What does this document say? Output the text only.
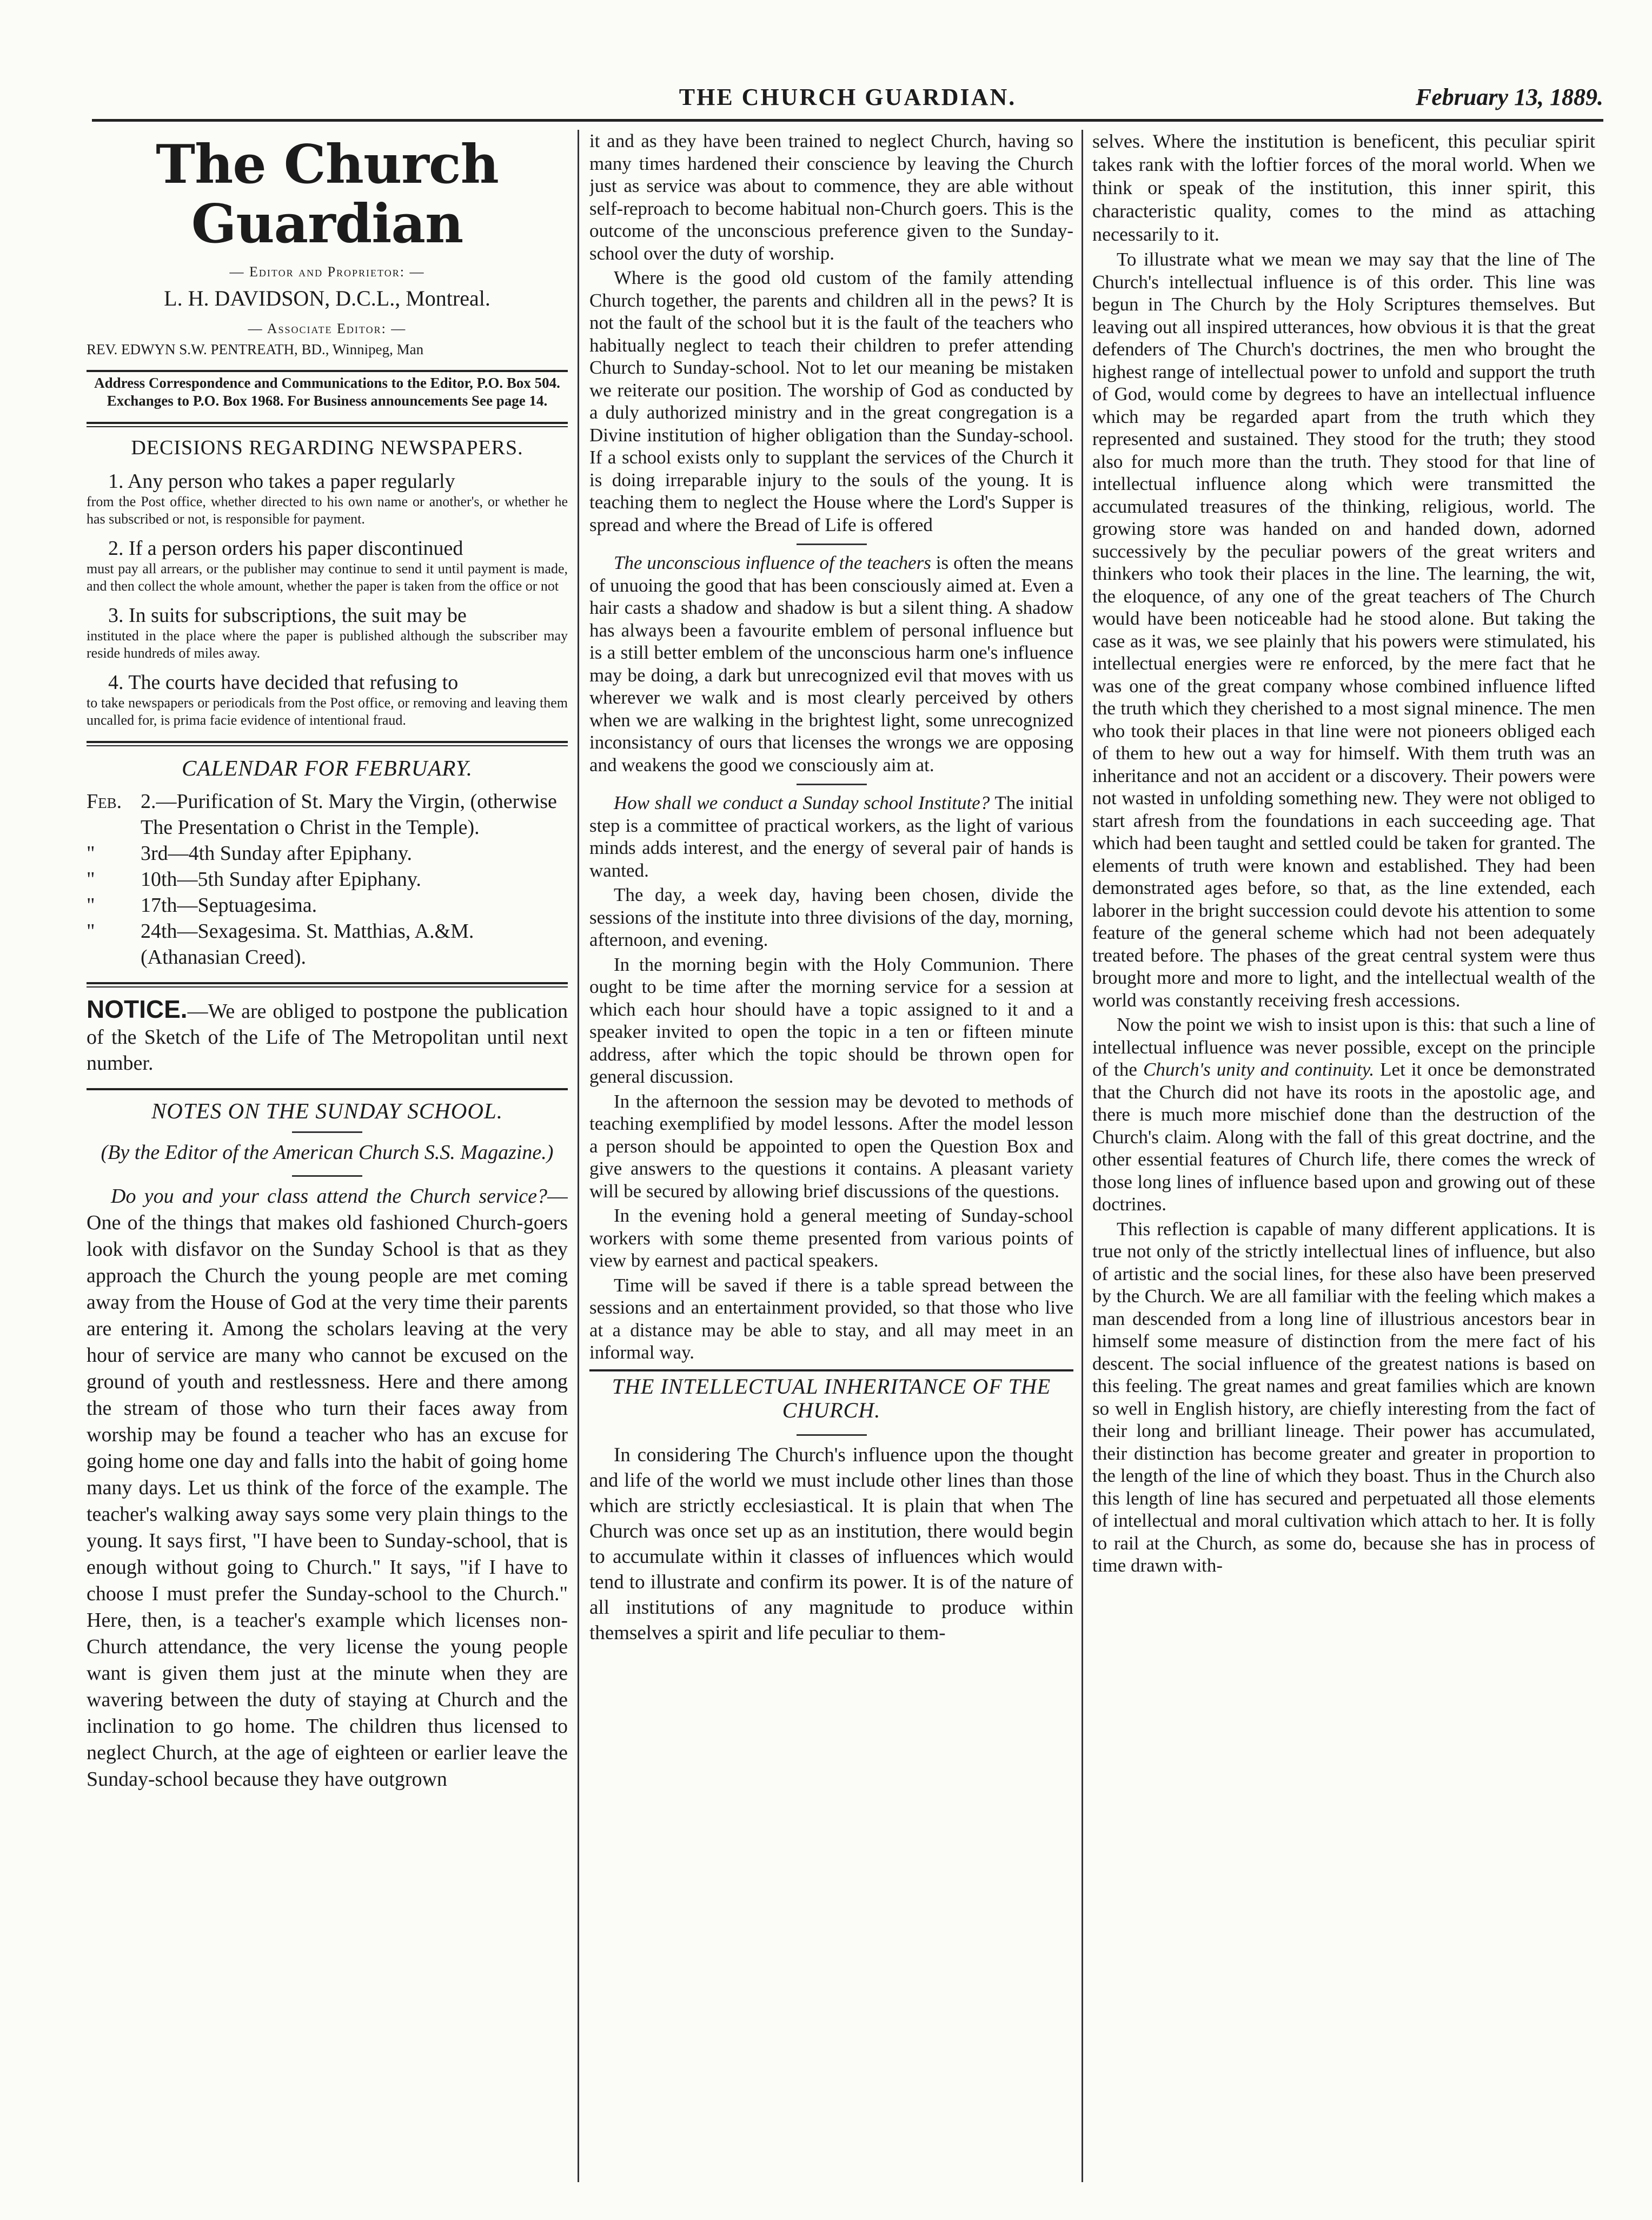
THE CHURCH GUARDIAN.	February 13, 1889.
The Church Guardian
— Editor and Proprietor: —
L. H. DAVIDSON, D.C.L., Montreal.
— Associate Editor: —
REV. EDWYN S.W. PENTREATH, BD., Winnipeg, Man
Address Correspondence and Communications to the Editor, P.O. Box 504. Exchanges to P.O. Box 1968. For Business announcements See page 14.
DECISIONS REGARDING NEWSPAPERS.
1. Any person who takes a paper regularly
from the Post office, whether directed to his own name or another's, or whether he has subscribed or not, is responsible for payment.
2. If a person orders his paper discontinued
must pay all arrears, or the publisher may continue to send it until payment is made, and then collect the whole amount, whether the paper is taken from the office or not
3. In suits for subscriptions, the suit may be
instituted in the place where the paper is published although the subscriber may reside hundreds of miles away.
4. The courts have decided that refusing to
to take newspapers or periodicals from the Post office, or removing and leaving them uncalled for, is prima facie evidence of intentional fraud.
CALENDAR FOR FEBRUARY.
Feb. 2.—Purification of St. Mary the Virgin, (otherwise The Presentation o Christ in the Temple).
"	3rd—4th Sunday after Epiphany.
"	10th—5th Sunday after Epiphany.
"	17th—Septuagesima.
"	24th—Sexagesima. St. Matthias, A.&M. (Athanasian Creed).
NOTICE.—We are obliged to postpone the publication of the Sketch of the Life of The Metropolitan until next number.
NOTES ON THE SUNDAY SCHOOL.
(By the Editor of the American Church S.S. Magazine.)

Do you and your class attend the Church service?—One of the things that makes old fashioned Church-goers look with disfavor on the Sunday School is that as they approach the Church the young people are met coming away from the House of God at the very time their parents are entering it. Among the scholars leaving at the very hour of service are many who cannot be excused on the ground of youth and restlessness. Here and there among the stream of those who turn their faces away from worship may be found a teacher who has an excuse for going home one day and falls into the habit of going home many days. Let us think of the force of the example. The teacher's walking away says some very plain things to the young. It says first, "I have been to Sunday-school, that is enough without going to Church." It says, "if I have to choose I must prefer the Sunday-school to the Church." Here, then, is a teacher's example which licenses non-Church attendance, the very license the young people want is given them just at the minute when they are wavering between the duty of staying at Church and the inclination to go home. The children thus licensed to neglect Church, at the age of eighteen or earlier leave the Sunday-school because they have outgrown

it and as they have been trained to neglect Church, having so many times hardened their conscience by leaving the Church just as service was about to commence, they are able without self-reproach to become habitual non-Church goers. This is the outcome of the unconscious preference given to the Sunday-school over the duty of worship.

Where is the good old custom of the family attending Church together, the parents and children all in the pews? It is not the fault of the school but it is the fault of the teachers who habitually neglect to teach their children to prefer attending Church to Sunday-school. Not to let our meaning be mistaken we reiterate our position. The worship of God as conducted by a duly authorized ministry and in the great congregation is a Divine institution of higher obligation than the Sunday-school. If a school exists only to supplant the services of the Church it is doing irreparable injury to the souls of the young. It is teaching them to neglect the House where the Lord's Supper is spread and where the Bread of Life is offered

The unconscious influence of the teachers is often the means of unuoing the good that has been consciously aimed at. Even a hair casts a shadow and shadow is but a silent thing. A shadow has always been a favourite emblem of personal influence but is a still better emblem of the unconscious harm one's influence may be doing, a dark but unrecognized evil that moves with us wherever we walk and is most clearly perceived by others when we are walking in the brightest light, some unrecognized inconsistancy of ours that licenses the wrongs we are opposing and weakens the good we consciously aim at.

How shall we conduct a Sunday school Institute? The initial step is a committee of practical workers, as the light of various minds adds interest, and the energy of several pair of hands is wanted.

The day, a week day, having been chosen, divide the sessions of the institute into three divisions of the day, morning, afternoon, and evening.

In the morning begin with the Holy Communion. There ought to be time after the morning service for a session at which each hour should have a topic assigned to it and a speaker invited to open the topic in a ten or fifteen minute address, after which the topic should be thrown open for general discussion.

In the afternoon the session may be devoted to methods of teaching exemplified by model lessons. After the model lesson a person should be appointed to open the Question Box and give answers to the questions it contains. A pleasant variety will be secured by allowing brief discussions of the questions.

In the evening hold a general meeting of Sunday-school workers with some theme presented from various points of view by earnest and pactical speakers.

Time will be saved if there is a table spread between the sessions and an entertainment provided, so that those who live at a distance may be able to stay, and all may meet in an informal way.

THE INTELLECTUAL INHERITANCE OF THE CHURCH.

In considering The Church's influence upon the thought and life of the world we must include other lines than those which are strictly ecclesiastical. It is plain that when The Church was once set up as an institution, there would begin to accumulate within it classes of influences which would tend to illustrate and confirm its power. It is of the nature of all institutions of any magnitude to produce within themselves a spirit and life peculiar to them-

selves. Where the institution is beneficent, this peculiar spirit takes rank with the loftier forces of the moral world. When we think or speak of the institution, this inner spirit, this characteristic quality, comes to the mind as attaching necessarily to it.

To illustrate what we mean we may say that the line of The Church's intellectual influence is of this order. This line was begun in The Church by the Holy Scriptures themselves. But leaving out all inspired utterances, how obvious it is that the great defenders of The Church's doctrines, the men who brought the highest range of intellectual power to unfold and support the truth of God, would come by degrees to have an intellectual influence which may be regarded apart from the truth which they represented and sustained. They stood for the truth; they stood also for much more than the truth. They stood for that line of intellectual influence along which were transmitted the accumulated treasures of the thinking, religious, world. The growing store was handed on and handed down, adorned successively by the peculiar powers of the great writers and thinkers who took their places in the line. The learning, the wit, the eloquence, of any one of the great teachers of The Church would have been noticeable had he stood alone. But taking the case as it was, we see plainly that his powers were stimulated, his intellectual energies were re enforced, by the mere fact that he was one of the great company whose combined influence lifted the truth which they cherished to a most signal minence. The men who took their places in that line were not pioneers obliged each of them to hew out a way for himself. With them truth was an inheritance and not an accident or a discovery. Their powers were not wasted in unfolding something new. They were not obliged to start afresh from the foundations in each succeeding age. That which had been taught and settled could be taken for granted. The elements of truth were known and established. They had been demonstrated ages before, so that, as the line extended, each laborer in the bright succession could devote his attention to some feature of the general scheme which had not been adequately treated before. The phases of the great central system were thus brought more and more to light, and the intellectual wealth of the world was constantly receiving fresh accessions.

Now the point we wish to insist upon is this: that such a line of intellectual influence was never possible, except on the principle of the Church's unity and continuity. Let it once be demonstrated that the Church did not have its roots in the apostolic age, and there is much more mischief done than the destruction of the Church's claim. Along with the fall of this great doctrine, and the other essential features of Church life, there comes the wreck of those long lines of influence based upon and growing out of these doctrines.

This reflection is capable of many different applications. It is true not only of the strictly intellectual lines of influence, but also of artistic and the social lines, for these also have been preserved by the Church. We are all familiar with the feeling which makes a man descended from a long line of illustrious ancestors bear in himself some measure of distinction from the mere fact of his descent. The social influence of the greatest nations is based on this feeling. The great names and great families which are known so well in English history, are chiefly interesting from the fact of their long and brilliant lineage. Their power has accumulated, their distinction has become greater and greater in proportion to the length of the line of which they boast. Thus in the Church also this length of line has secured and perpetuated all those elements of intellectual and moral cultivation which attach to her. It is folly to rail at the Church, as some do, because she has in process of time drawn with-
